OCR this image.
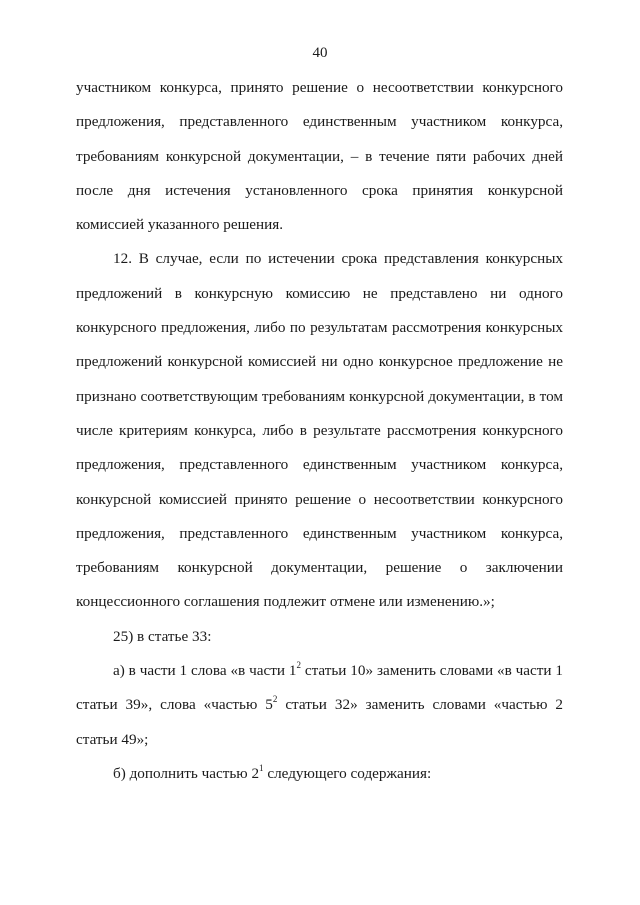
40

участником конкурса, принято решение о несоответствии конкурсного предложения, представленного единственным участником конкурса, требованиям конкурсной документации, – в течение пяти рабочих дней после дня истечения установленного срока принятия конкурсной комиссией указанного решения.

12. В случае, если по истечении срока представления конкурсных предложений в конкурсную комиссию не представлено ни одного конкурсного предложения, либо по результатам рассмотрения конкурсных предложений конкурсной комиссией ни одно конкурсное предложение не признано соответствующим требованиям конкурсной документации, в том числе критериям конкурса, либо в результате рассмотрения конкурсного предложения, представленного единственным участником конкурса, конкурсной комиссией принято решение о несоответствии конкурсного предложения, представленного единственным участником конкурса, требованиям конкурсной документации, решение о заключении концессионного соглашения подлежит отмене или изменению.»;

25) в статье 33:

а) в части 1 слова «в части $1^2$ статьи 10» заменить словами «в части 1 статьи 39», слова «частью $5^2$ статьи 32» заменить словами «частью 2 статьи 49»;

б) дополнить частью $2^1$ следующего содержания:
